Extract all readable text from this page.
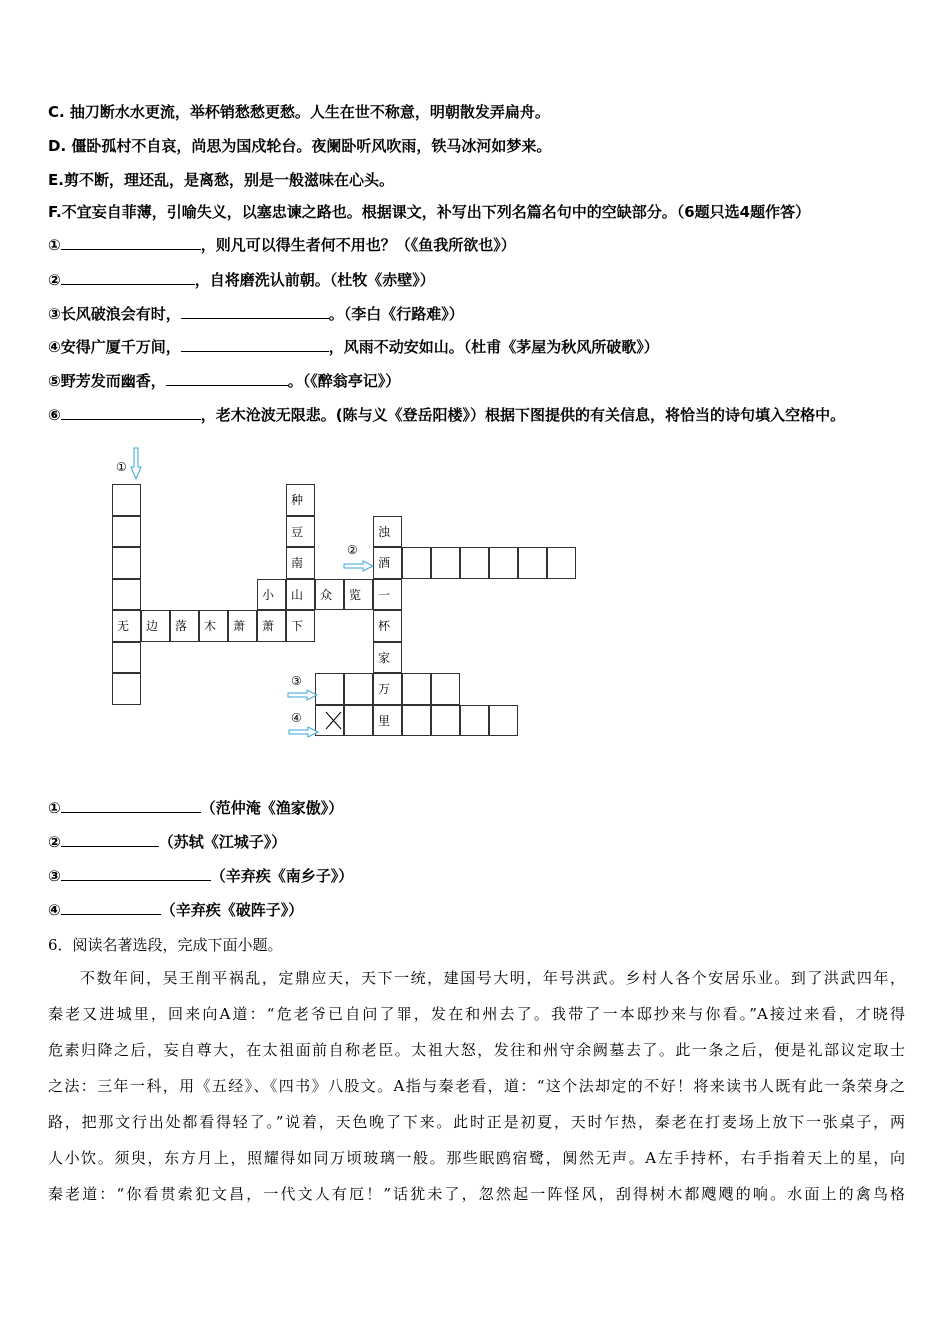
C. 抽刀断水水更流，举杯销愁愁更愁。人生在世不称意，明朝散发弄扁舟。
D. 僵卧孤村不自哀，尚思为国戍轮台。夜阑卧听风吹雨，铁马冰河如梦来。
E.剪不断，理还乱，是离愁，别是一般滋味在心头。
F.不宜妄自菲薄，引喻失义，以塞忠谏之路也。根据课文，补写出下列名篇名句中的空缺部分。（6题只选4题作答）
①	，则凡可以得生者何不用也？（《鱼我所欲也》）
②	，自将磨洗认前朝。（杜牧《赤壁》）
③长风破浪会有时，	。（李白《行路难》）
④安得广厦千万间，	，风雨不动安如山。（杜甫《茅屋为秋风所破歌》）
⑤野芳发而幽香，	。（《醉翁亭记》）
⑥	，老木沧波无限悲。(陈与义《登岳阳楼》）根据下图提供的有关信息，将恰当的诗句填入空格中。
无	边	落	木	萧	萧	下
种
豆
南
山
小	众	览
浊
酒
一
杯
家
万
里
①
②
③
④
①	（范仲淹《渔家傲》）
②	（苏轼《江城子》）
③	（辛弃疾《南乡子》）
④	（辛弃疾《破阵子》）
6．阅读名著选段，完成下面小题。
不数年间，吴王削平祸乱，定鼎应天，天下一统，建国号大明，年号洪武。乡村人各个安居乐业。到了洪武四年，
秦老又进城里，回来向A道：“危老爷已自问了罪，发在和州去了。我带了一本邸抄来与你看。”A接过来看，才晓得
危素归降之后，妄自尊大，在太祖面前自称老臣。太祖大怒，发往和州守余阙墓去了。此一条之后，便是礼部议定取士
之法：三年一科，用《五经》、《四书》八股文。A指与秦老看，道：“这个法却定的不好！将来读书人既有此一条荣身之
路，把那文行出处都看得轻了。”说着，天色晚了下来。此时正是初夏，天时乍热，秦老在打麦场上放下一张桌子，两
人小饮。须臾，东方月上，照耀得如同万顷玻璃一般。那些眠鸥宿鹭，阒然无声。A左手持杯，右手指着天上的星，向
秦老道：“你看贯索犯文昌，一代文人有厄！”话犹未了，忽然起一阵怪风，刮得树木都飕飕的响。水面上的禽鸟格
